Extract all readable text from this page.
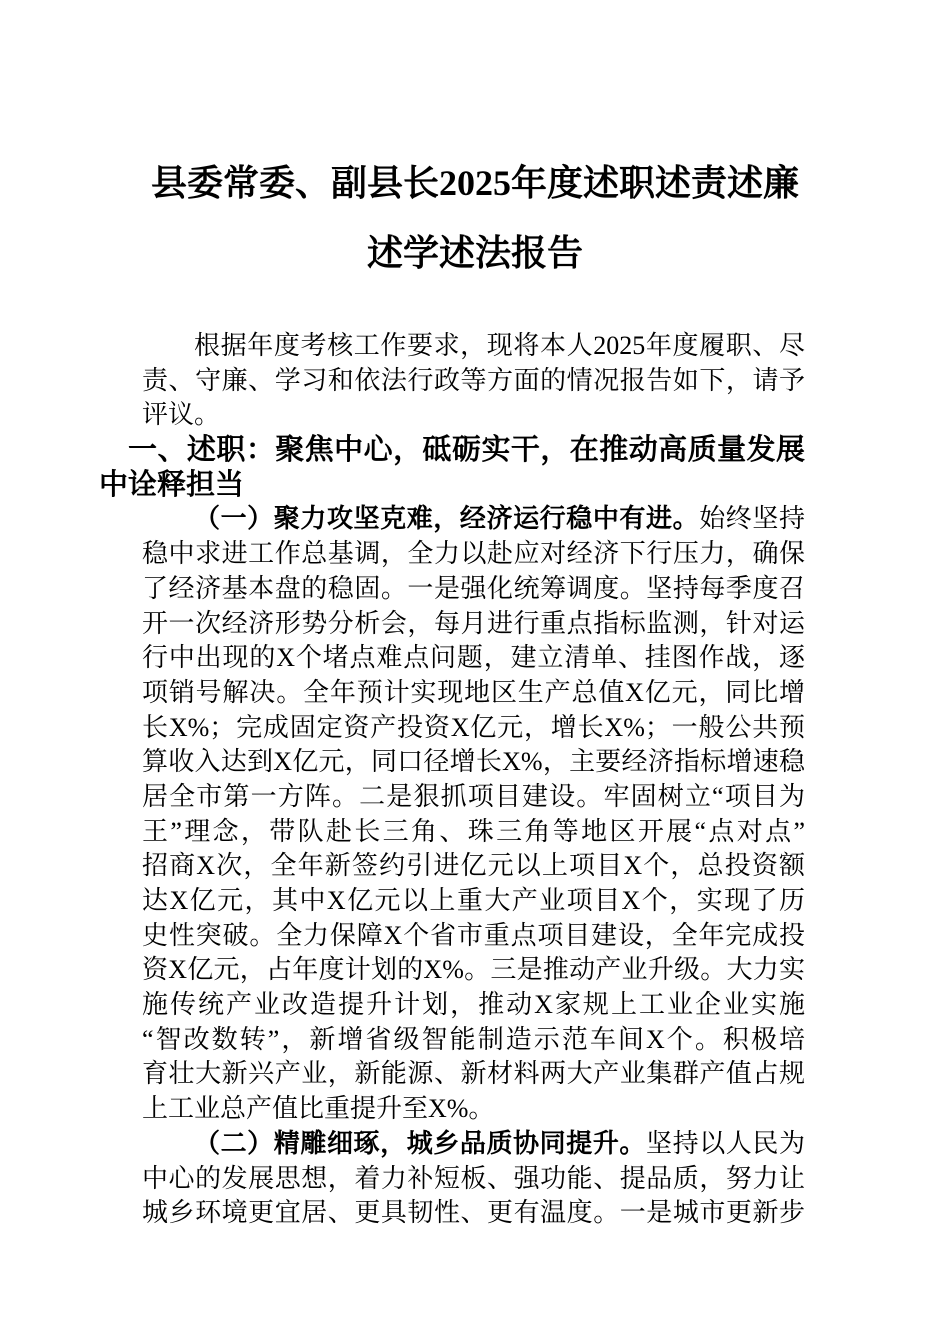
县委常委、副县长2025年度述职述责述廉
述学述法报告
根据年度考核工作要求，现将本人2025年度履职、尽
责、守廉、学习和依法行政等方面的情况报告如下，请予
评议。
一、述职：聚焦中心，砥砺实干，在推动高质量发展
中诠释担当
（一）聚力攻坚克难，经济运行稳中有进。始终坚持
稳中求进工作总基调，全力以赴应对经济下行压力，确保
了经济基本盘的稳固。一是强化统筹调度。坚持每季度召
开一次经济形势分析会，每月进行重点指标监测，针对运
行中出现的X个堵点难点问题，建立清单、挂图作战，逐
项销号解决。全年预计实现地区生产总值X亿元，同比增
长X%；完成固定资产投资X亿元，增长X%；一般公共预
算收入达到X亿元，同口径增长X%，主要经济指标增速稳
居全市第一方阵。二是狠抓项目建设。牢固树立“项目为
王”理念，带队赴长三角、珠三角等地区开展“点对点”
招商X次，全年新签约引进亿元以上项目X个，总投资额
达X亿元，其中X亿元以上重大产业项目X个，实现了历
史性突破。全力保障X个省市重点项目建设，全年完成投
资X亿元，占年度计划的X%。三是推动产业升级。大力实
施传统产业改造提升计划，推动X家规上工业企业实施
“智改数转”，新增省级智能制造示范车间X个。积极培
育壮大新兴产业，新能源、新材料两大产业集群产值占规
上工业总产值比重提升至X%。
（二）精雕细琢，城乡品质协同提升。坚持以人民为
中心的发展思想，着力补短板、强功能、提品质，努力让
城乡环境更宜居、更具韧性、更有温度。一是城市更新步
